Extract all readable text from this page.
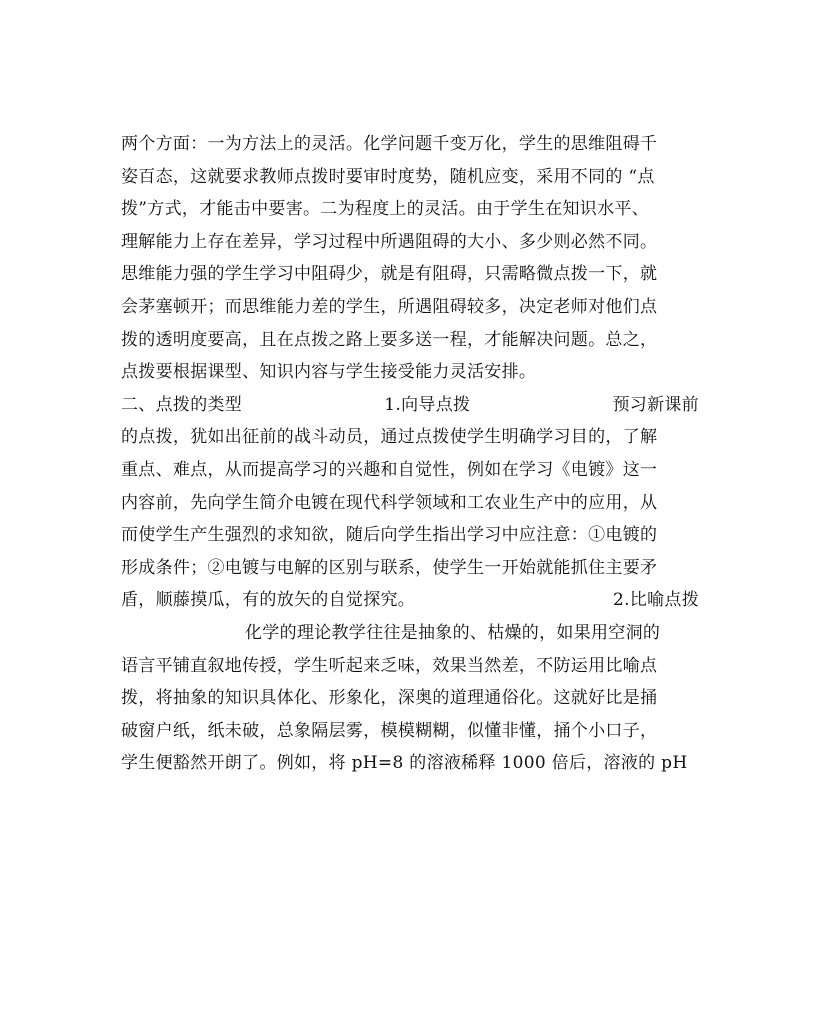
两个方面：一为方法上的灵活。化学问题千变万化，学生的思维阻碍千
姿百态，这就要求教师点拨时要审时度势，随机应变，采用不同的 “点
拨”方式，才能击中要害。二为程度上的灵活。由于学生在知识水平、
理解能力上存在差异，学习过程中所遇阻碍的大小、多少则必然不同。
思维能力强的学生学习中阻碍少，就是有阻碍，只需略微点拨一下，就
会茅塞顿开；而思维能力差的学生，所遇阻碍较多，决定老师对他们点
拨的透明度要高，且在点拨之路上要多送一程，才能解决问题。总之，
点拨要根据课型、知识内容与学生接受能力灵活安排。
二、点拨的类型	1.向导点拨	预习新课前
的点拨，犹如出征前的战斗动员，通过点拨使学生明确学习目的，了解
重点、难点，从而提高学习的兴趣和自觉性，例如在学习《电镀》这一
内容前，先向学生简介电镀在现代科学领域和工农业生产中的应用，从
而使学生产生强烈的求知欲，随后向学生指出学习中应注意：①电镀的
形成条件；②电镀与电解的区别与联系，使学生一开始就能抓住主要矛
盾，顺藤摸瓜，有的放矢的自觉探究。	2.比喻点拨
化学的理论教学往往是抽象的、枯燥的，如果用空洞的
语言平铺直叙地传授，学生听起来乏味，效果当然差，不防运用比喻点
拨，将抽象的知识具体化、形象化，深奥的道理通俗化。这就好比是捅
破窗户纸，纸未破，总象隔层雾，模模糊糊，似懂非懂，捅个小口子，
学生便豁然开朗了。例如，将 pH=8 的溶液稀释 1000 倍后，溶液的 pH
